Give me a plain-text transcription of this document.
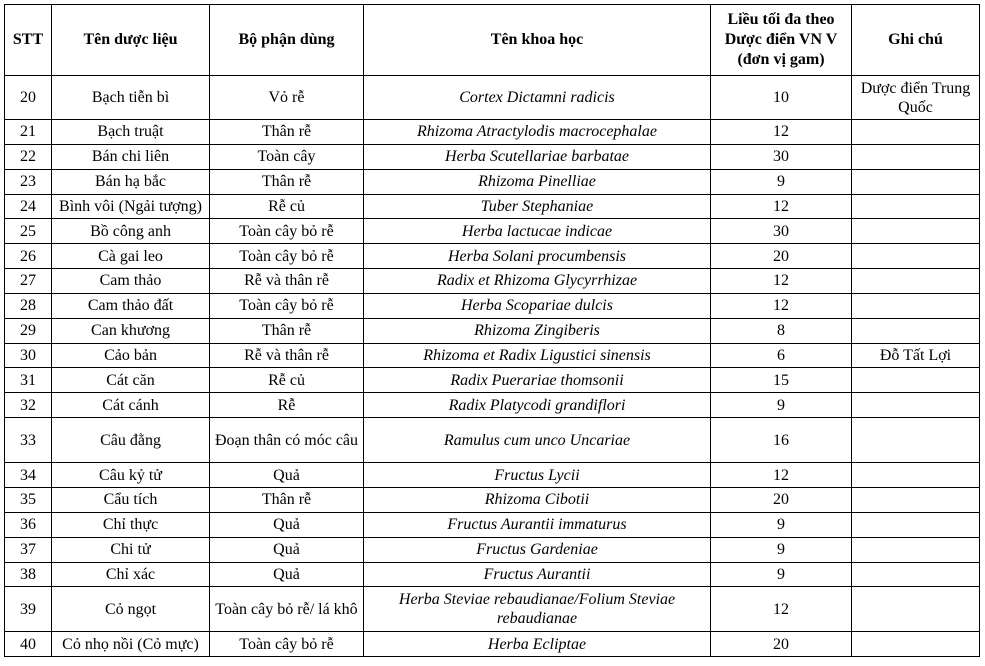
STT	Tên dược liệu	Bộ phận dùng	Tên khoa học	Liều tối đa theo Dược điển VN V (đơn vị gam)	Ghi chú
20	Bạch tiễn bì	Vỏ rễ	Cortex Dictamni radicis	10	Dược điển Trung Quốc
21	Bạch truật	Thân rễ	Rhizoma Atractylodis macrocephalae	12	
22	Bán chi liên	Toàn cây	Herba Scutellariae barbatae	30	
23	Bán hạ bắc	Thân rễ	Rhizoma Pinelliae	9	
24	Bình vôi (Ngải tượng)	Rễ củ	Tuber Stephaniae	12	
25	Bồ công anh	Toàn cây bỏ rễ	Herba lactucae indicae	30	
26	Cà gai leo	Toàn cây bỏ rễ	Herba Solani procumbensis	20	
27	Cam thảo	Rễ và thân rễ	Radix et Rhizoma Glycyrrhizae	12	
28	Cam thảo đất	Toàn cây bỏ rễ	Herba Scopariae dulcis	12	
29	Can khương	Thân rễ	Rhizoma Zingiberis	8	
30	Cảo bản	Rễ và thân rễ	Rhizoma et Radix Ligustici sinensis	6	Đỗ Tất Lợi
31	Cát căn	Rễ củ	Radix Puerariae thomsonii	15	
32	Cát cánh	Rễ	Radix Platycodi grandiflori	9	
33	Câu đằng	Đoạn thân có móc câu	Ramulus cum unco Uncariae	16	
34	Câu kỷ tử	Quả	Fructus Lycii	12	
35	Cẩu tích	Thân rễ	Rhizoma Cibotii	20	
36	Chỉ thực	Quả	Fructus Aurantii immaturus	9	
37	Chi tử	Quả	Fructus Gardeniae	9	
38	Chỉ xác	Quả	Fructus Aurantii	9	
39	Cỏ ngọt	Toàn cây bỏ rễ/ lá khô	Herba Steviae rebaudianae/Folium Steviae rebaudianae	12	
40	Cỏ nhọ nồi (Cỏ mực)	Toàn cây bỏ rễ	Herba Ecliptae	20	
